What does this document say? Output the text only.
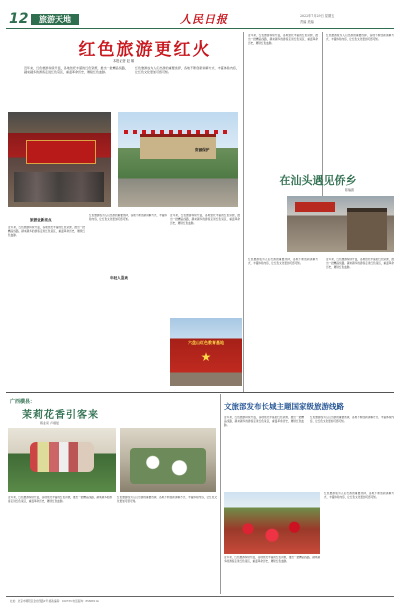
12	旅游天地	人民日报	2022年7月29日 星期五
责编 美编
红色旅游更红火
本报记者 赵 娜
近年来，红色旅游持续升温，各地依托丰富的红色资源，推出一批精品线路，越来越多的游客走进红色景区，重温革命历史，赓续红色血脉。
红色旅游成为人们出游的重要选择，各地不断创新讲解方式、丰富体验内容，让红色文化更加可感可知。
近年来，红色旅游持续升温，各地依托丰富的红色资源，推出一批精品线路，越来越多的游客走进红色景区，重温革命历史，赓续红色血脉。
红色旅游成为人们出游的重要选择，各地不断创新讲解方式、丰富体验内容，让红色文化更加可感可知。
在汕头遇见侨乡
陈瑞霞
旅游业新亮点
近年来，红色旅游持续升温，各地依托丰富的红色资源，推出一批精品线路，越来越多的游客走进红色景区，重温革命历史，赓续红色血脉。
年轻人喜欢
红色旅游成为人们出游的重要选择，各地不断创新讲解方式、丰富体验内容，让红色文化更加可感可知。
资源保护
近年来，红色旅游持续升温，各地依托丰富的红色资源，推出一批精品线路，越来越多的游客走进红色景区，重温革命历史，赓续红色血脉。
六盘山红色教育基地
★
红色旅游成为人们出游的重要选择，各地不断创新讲解方式、丰富体验内容，让红色文化更加可感可知。
近年来，红色旅游持续升温，各地依托丰富的红色资源，推出一批精品线路，越来越多的游客走进红色景区，重温革命历史，赓续红色血脉。
广西横县：
茉莉花香引客来
蒋业亮 卢翊瑶
近年来，红色旅游持续升温，各地依托丰富的红色资源，推出一批精品线路，越来越多的游客走进红色景区，重温革命历史，赓续红色血脉。
红色旅游成为人们出游的重要选择，各地不断创新讲解方式、丰富体验内容，让红色文化更加可感可知。
文旅部发布长城主题国家级旅游线路
近年来，红色旅游持续升温，各地依托丰富的红色资源，推出一批精品线路，越来越多的游客走进红色景区，重温革命历史，赓续红色血脉。
红色旅游成为人们出游的重要选择，各地不断创新讲解方式、丰富体验内容，让红色文化更加可感可知。
红色旅游成为人们出游的重要选择，各地不断创新讲解方式、丰富体验内容，让红色文化更加可感可知。
近年来，红色旅游持续升温，各地依托丰富的红色资源，推出一批精品线路，越来越多的游客走进红色景区，重温革命历史，赓续红色血脉。
社址：北京市朝阳区金台西路2号 邮政编码：100733 电话查询：65368114
